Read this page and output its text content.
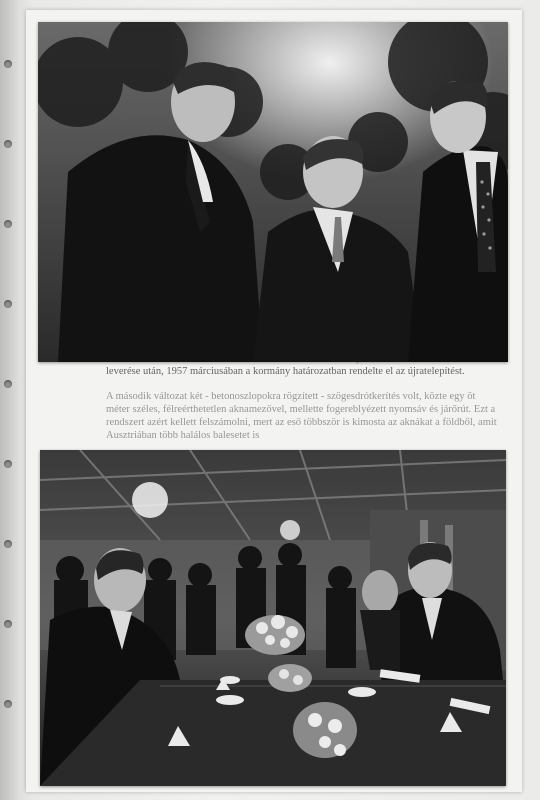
leverése után, 1957 márciusában a kormány határozatban rendelte el az újratelepítést.

A második változat két - betonoszlopokra rögzített - szögesdrótkerítés volt, közte egy öt méter széles, félreérthetetlen aknamezővel, mellette fogereblyézett nyomsáv és járőrút. Ezt a rendszert azért kellett felszámolni, mert az eső többször is kimosta az aknákat a földből, amit Ausztriában több halálos balesetet is
